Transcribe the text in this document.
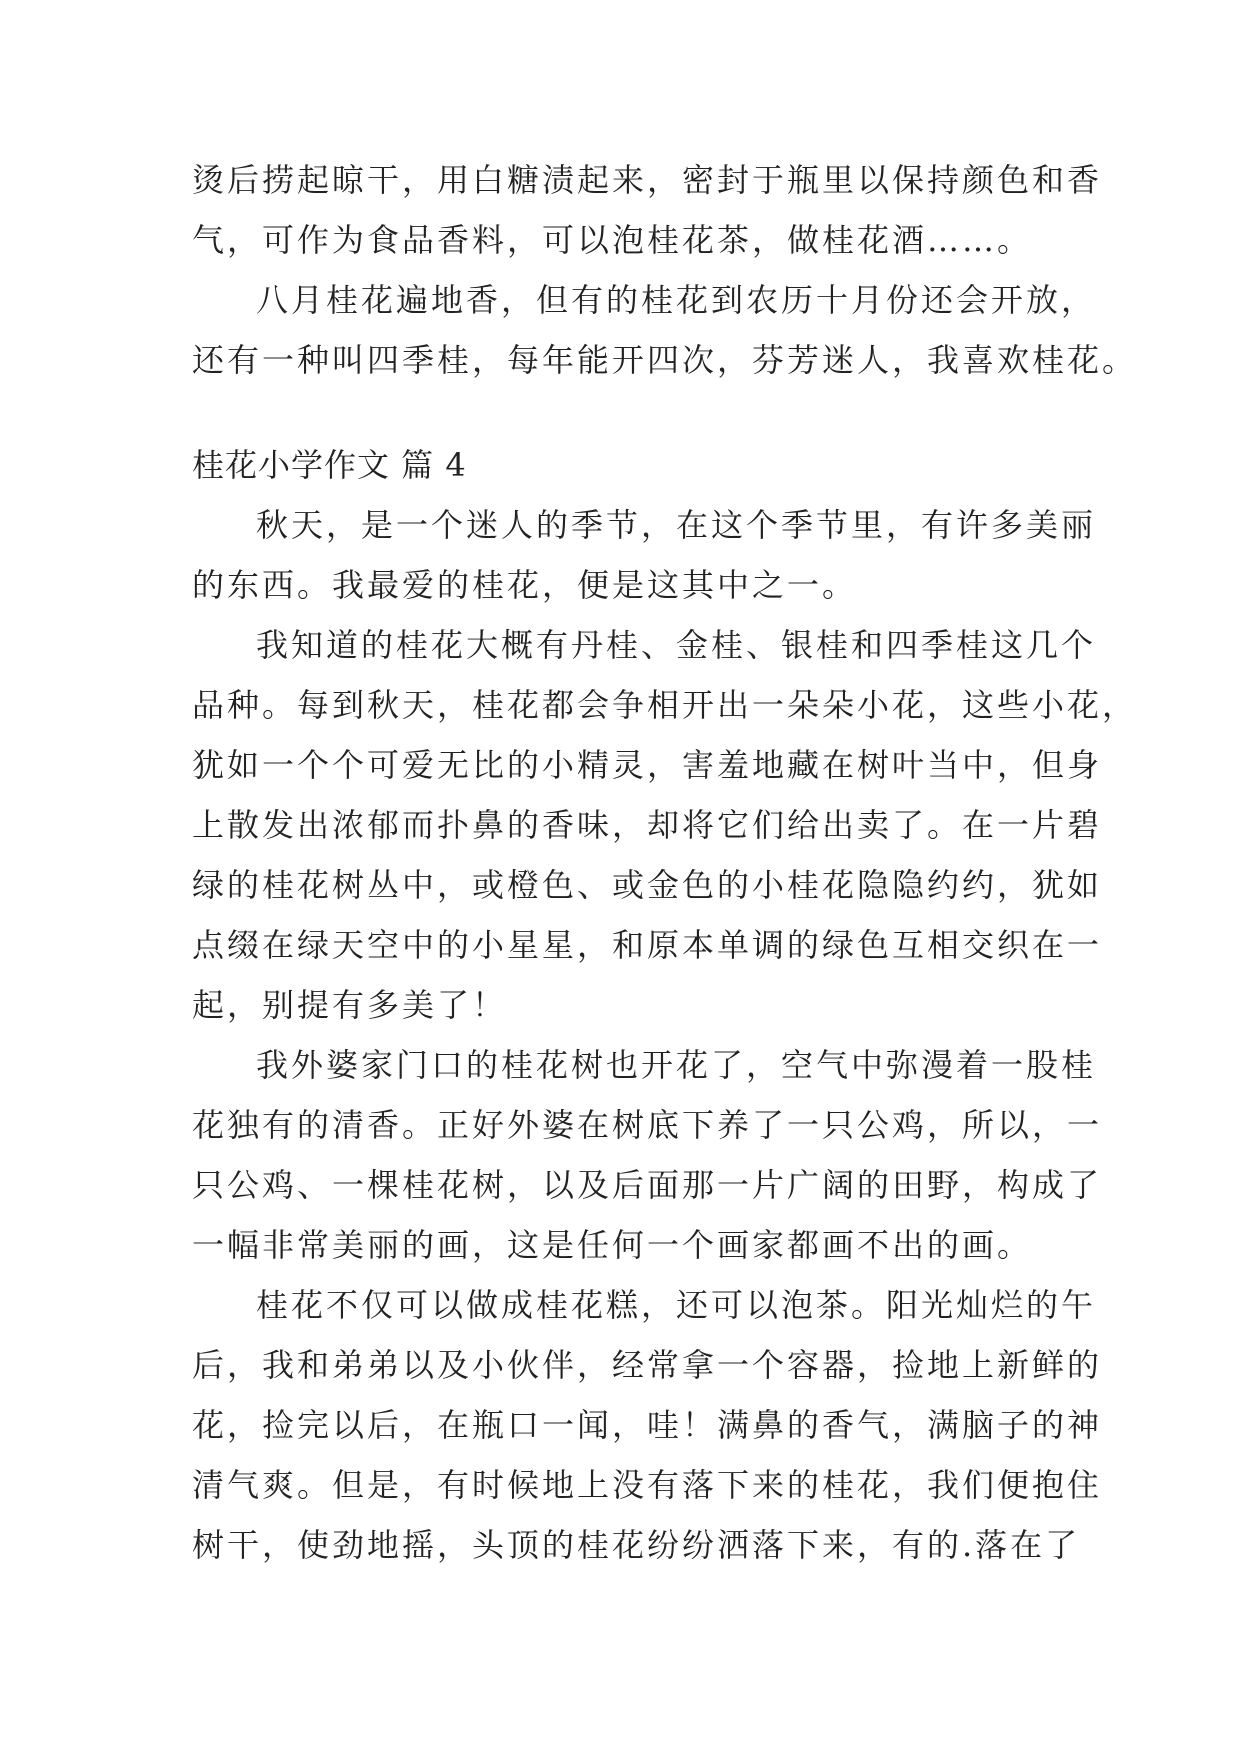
烫后捞起晾干，用白糖渍起来，密封于瓶里以保持颜色和香
气，可作为食品香料，可以泡桂花茶，做桂花酒……。
八月桂花遍地香，但有的桂花到农历十月份还会开放，
还有一种叫四季桂，每年能开四次，芬芳迷人，我喜欢桂花。
桂花小学作文 篇 4
秋天，是一个迷人的季节，在这个季节里，有许多美丽
的东西。我最爱的桂花，便是这其中之一。
我知道的桂花大概有丹桂、金桂、银桂和四季桂这几个
品种。每到秋天，桂花都会争相开出一朵朵小花，这些小花，
犹如一个个可爱无比的小精灵，害羞地藏在树叶当中，但身
上散发出浓郁而扑鼻的香味，却将它们给出卖了。在一片碧
绿的桂花树丛中，或橙色、或金色的小桂花隐隐约约，犹如
点缀在绿天空中的小星星，和原本单调的绿色互相交织在一
起，别提有多美了！
我外婆家门口的桂花树也开花了，空气中弥漫着一股桂
花独有的清香。正好外婆在树底下养了一只公鸡，所以，一
只公鸡、一棵桂花树，以及后面那一片广阔的田野，构成了
一幅非常美丽的画，这是任何一个画家都画不出的画。
桂花不仅可以做成桂花糕，还可以泡茶。阳光灿烂的午
后，我和弟弟以及小伙伴，经常拿一个容器，捡地上新鲜的
花，捡完以后，在瓶口一闻，哇！满鼻的香气，满脑子的神
清气爽。但是，有时候地上没有落下来的桂花，我们便抱住
树干，使劲地摇，头顶的桂花纷纷洒落下来，有的.落在了
